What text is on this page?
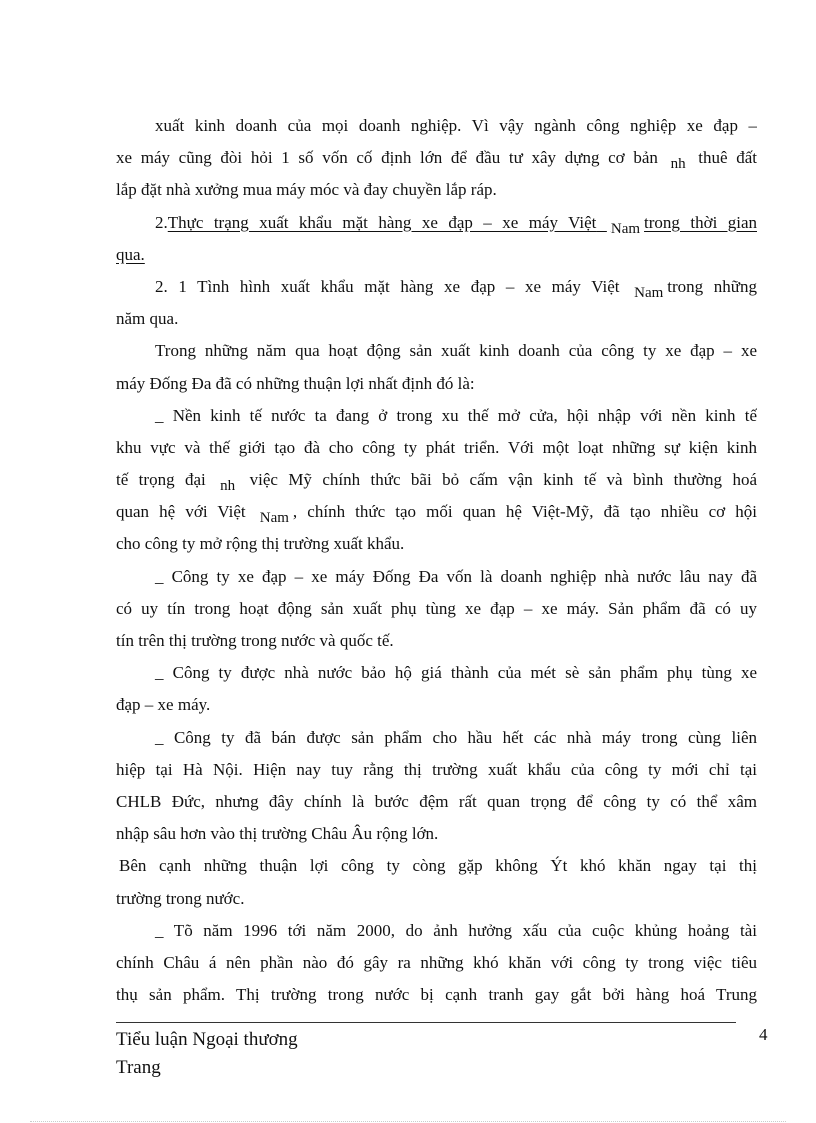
xuất kinh doanh của mọi doanh nghiệp. Vì vậy ngành công nghiệp xe đạp –
xe máy cũng đòi hỏi 1 số vốn cố định lớn để đầu tư xây dựng cơ bản nh thuê đất
lắp đặt nhà xưởng mua máy móc và đay chuyền lắp ráp.
2.Thực trạng xuất khẩu mặt hàng xe đạp – xe máy Việt Nam trong thời gian
qua.
2. 1 Tình hình xuất khẩu mặt hàng xe đạp – xe máy Việt Nam trong những
năm qua.
Trong những năm qua hoạt động sản xuất kinh doanh của công ty xe đạp – xe
máy Đống Đa đã có những thuận lợi nhất định đó là:
_ Nền kinh tế nước ta đang ở trong xu thế mở cửa, hội nhập với nền kinh tế
khu vực và thế giới tạo đà cho công ty phát triển. Với một loạt những sự kiện kinh
tế trọng đại nh việc Mỹ chính thức bãi bỏ cấm vận kinh tế và bình thường hoá
quan hệ với Việt Nam , chính thức tạo mối quan hệ Việt-Mỹ, đã tạo nhiều cơ hội
cho công ty mở rộng thị trường xuất khẩu.
_ Công ty xe đạp – xe máy Đống Đa vốn là doanh nghiệp nhà nước lâu nay đã
có uy tín trong hoạt động sản xuất phụ tùng xe đạp – xe máy. Sản phẩm đã có uy
tín trên thị trường trong nước và quốc tế.
_ Công ty được nhà nước bảo hộ giá thành của mét sè sản phẩm phụ tùng xe
đạp – xe máy.
_ Công ty đã bán được sản phẩm cho hầu hết các nhà máy trong cùng liên
hiệp tại Hà Nội. Hiện nay tuy rằng thị trường xuất khẩu của công ty mới chỉ tại
CHLB Đức, nhưng đây chính là bước đệm rất quan trọng để công ty có thể xâm
nhập sâu hơn vào thị trường Châu Âu rộng lớn.
Bên cạnh những thuận lợi công ty còng gặp không Ýt khó khăn ngay tại thị
trường trong nước.
_ Tõ năm 1996 tới năm 2000, do ảnh hưởng xấu của cuộc khủng hoảng tài
chính Châu á nên phần nào đó gây ra những khó khăn với công ty trong việc tiêu
thụ sản phẩm. Thị trường trong nước bị cạnh tranh gay gắt bởi hàng hoá Trung
Tiểu luận Ngoại thương
Trang
4
